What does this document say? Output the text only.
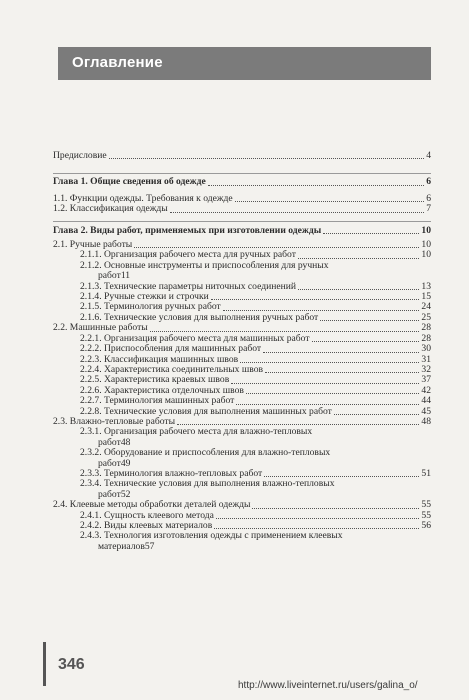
Оглавление
Предисловие	4
Глава 1. Общие сведения об одежде	6
1.1. Функции одежды. Требования к одежде	6
1.2. Классификация одежды	7
Глава 2. Виды работ, применяемых при изготовлении одежды	10
2.1. Ручные работы	10
2.1.1. Организация рабочего места для ручных работ	10
2.1.2. Основные инструменты и приспособления для ручных
работ 11
2.1.3. Технические параметры ниточных соединений	13
2.1.4. Ручные стежки и строчки	15
2.1.5. Терминология ручных работ	24
2.1.6. Технические условия для выполнения ручных работ	25
2.2. Машинные работы	28
2.2.1. Организация рабочего места для машинных работ	28
2.2.2. Приспособления для машинных работ	30
2.2.3. Классификация машинных швов	31
2.2.4. Характеристика соединительных швов	32
2.2.5. Характеристика краевых швов	37
2.2.6. Характеристика отделочных швов	42
2.2.7. Терминология машинных работ	44
2.2.8. Технические условия для выполнения машинных работ	45
2.3. Влажно-тепловые работы	48
2.3.1. Организация рабочего места для влажно-тепловых
работ 48
2.3.2. Оборудование и приспособления для влажно-тепловых
работ 49
2.3.3. Терминология влажно-тепловых работ	51
2.3.4. Технические условия для выполнения влажно-тепловых
работ 52
2.4. Клеевые методы обработки деталей одежды	55
2.4.1. Сущность клеевого метода	55
2.4.2. Виды клеевых материалов	56
2.4.3. Технология изготовления одежды с применением клеевых
материалов 57
346
http://www.liveinternet.ru/users/galina_o/
